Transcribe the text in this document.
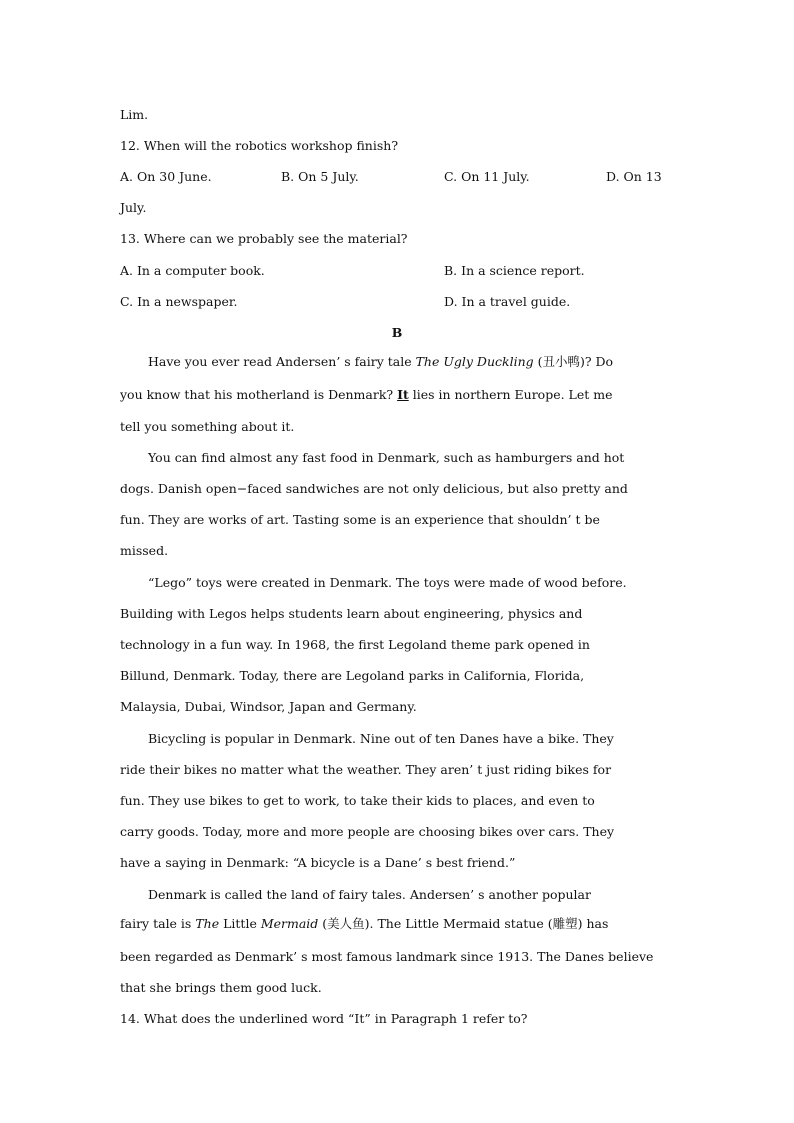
Lim.
12. When will the robotics workshop finish?
A. On 30 June.	B. On 5 July.	C. On 11 July.	D. On 13
July.
13. Where can we probably see the material?
A. In a computer book.	B. In a science report.
C. In a newspaper.	D. In a travel guide.
B
Have you ever read Andersen’ s fairy tale The Ugly Duckling (丑小鸭)? Do
you know that his motherland is Denmark? It lies in northern Europe. Let me
tell you something about it.
You can find almost any fast food in Denmark, such as hamburgers and hot
dogs. Danish open−faced sandwiches are not only delicious, but also pretty and
fun. They are works of art. Tasting some is an experience that shouldn’ t be
missed.
“Lego” toys were created in Denmark. The toys were made of wood before.
Building with Legos helps students learn about engineering, physics and
technology in a fun way. In 1968, the first Legoland theme park opened in
Billund, Denmark. Today, there are Legoland parks in California, Florida,
Malaysia, Dubai, Windsor, Japan and Germany.
Bicycling is popular in Denmark. Nine out of ten Danes have a bike. They
ride their bikes no matter what the weather. They aren’ t just riding bikes for
fun. They use bikes to get to work, to take their kids to places, and even to
carry goods. Today, more and more people are choosing bikes over cars. They
have a saying in Denmark: “A bicycle is a Dane’ s best friend.”
Denmark is called the land of fairy tales. Andersen’ s another popular
fairy tale is The Little Mermaid (美人鱼). The Little Mermaid statue (雕塑) has
been regarded as Denmark’ s most famous landmark since 1913. The Danes believe
that she brings them good luck.
14. What does the underlined word “It” in Paragraph 1 refer to?
